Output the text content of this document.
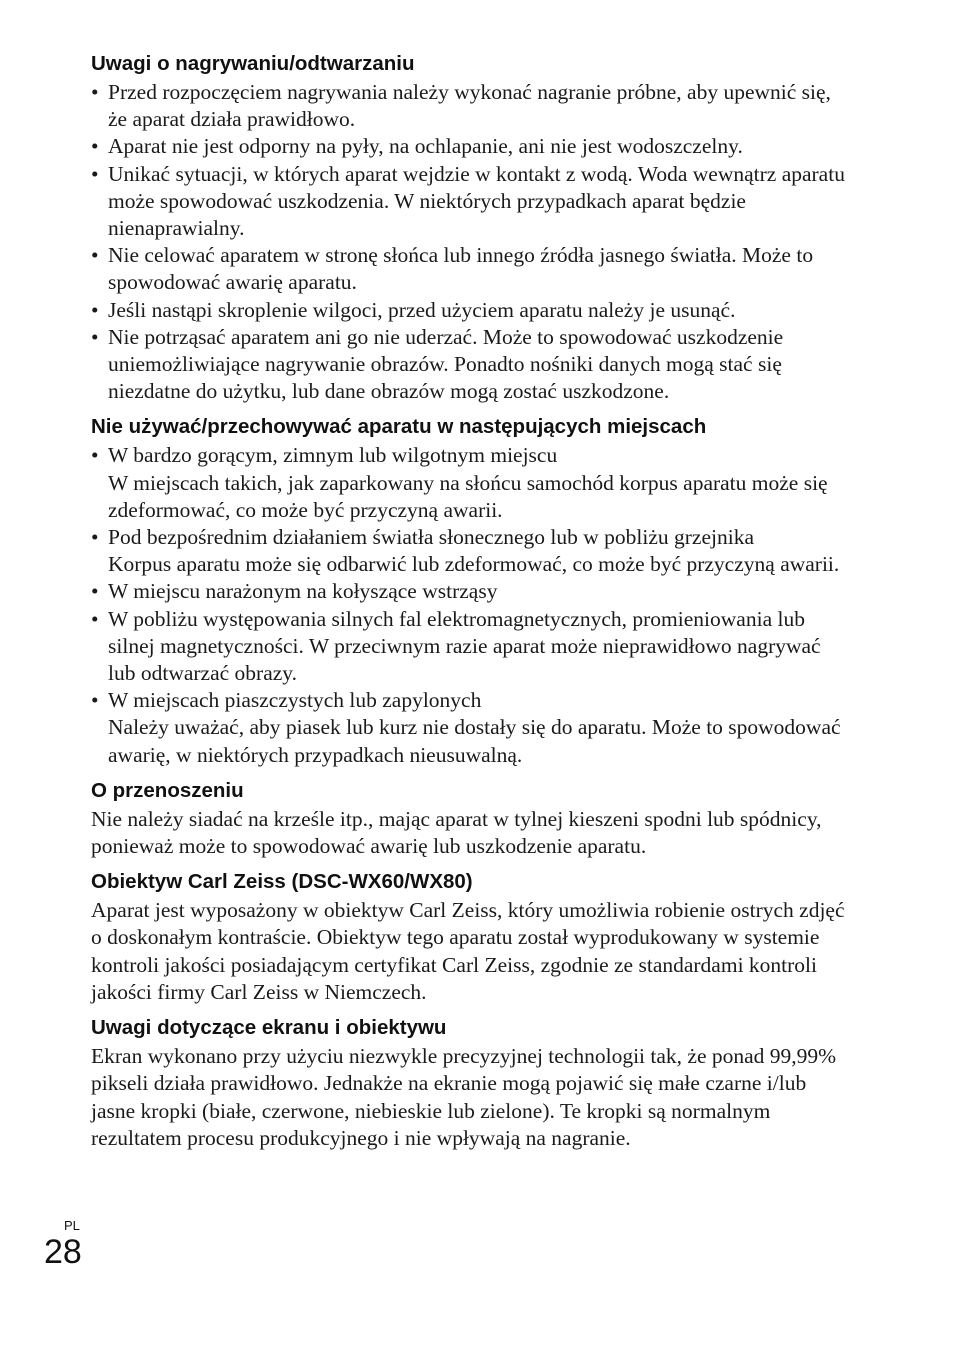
Uwagi o nagrywaniu/odtwarzaniu
• Przed rozpoczęciem nagrywania należy wykonać nagranie próbne, aby upewnić się, że aparat działa prawidłowo.
• Aparat nie jest odporny na pyły, na ochlapanie, ani nie jest wodoszczelny.
• Unikać sytuacji, w których aparat wejdzie w kontakt z wodą. Woda wewnątrz aparatu może spowodować uszkodzenia. W niektórych przypadkach aparat będzie nienaprawialny.
• Nie celować aparatem w stronę słońca lub innego źródła jasnego światła. Może to spowodować awarię aparatu.
• Jeśli nastąpi skroplenie wilgoci, przed użyciem aparatu należy je usunąć.
• Nie potrząsać aparatem ani go nie uderzać. Może to spowodować uszkodzenie uniemożliwiające nagrywanie obrazów. Ponadto nośniki danych mogą stać się niezdatne do użytku, lub dane obrazów mogą zostać uszkodzone.
Nie używać/przechowywać aparatu w następujących miejscach
• W bardzo gorącym, zimnym lub wilgotnym miejscu
W miejscach takich, jak zaparkowany na słońcu samochód korpus aparatu może się zdeformować, co może być przyczyną awarii.
• Pod bezpośrednim działaniem światła słonecznego lub w pobliżu grzejnika
Korpus aparatu może się odbarwić lub zdeformować, co może być przyczyną awarii.
• W miejscu narażonym na kołyszące wstrząsy
• W pobliżu występowania silnych fal elektromagnetycznych, promieniowania lub silnej magnetyczności. W przeciwnym razie aparat może nieprawidłowo nagrywać lub odtwarzać obrazy.
• W miejscach piaszczystych lub zapylonych
Należy uważać, aby piasek lub kurz nie dostały się do aparatu. Może to spowodować awarię, w niektórych przypadkach nieusuwalną.
O przenoszeniu

Nie należy siadać na krześle itp., mając aparat w tylnej kieszeni spodni lub spódnicy, ponieważ może to spowodować awarię lub uszkodzenie aparatu.

Obiektyw Carl Zeiss (DSC-WX60/WX80)

Aparat jest wyposażony w obiektyw Carl Zeiss, który umożliwia robienie ostrych zdjęć o doskonałym kontraście. Obiektyw tego aparatu został wyprodukowany w systemie kontroli jakości posiadającym certyfikat Carl Zeiss, zgodnie ze standardami kontroli jakości firmy Carl Zeiss w Niemczech.

Uwagi dotyczące ekranu i obiektywu

Ekran wykonano przy użyciu niezwykle precyzyjnej technologii tak, że ponad 99,99% pikseli działa prawidłowo. Jednakże na ekranie mogą pojawić się małe czarne i/lub jasne kropki (białe, czerwone, niebieskie lub zielone). Te kropki są normalnym rezultatem procesu produkcyjnego i nie wpływają na nagranie.

PL
28
